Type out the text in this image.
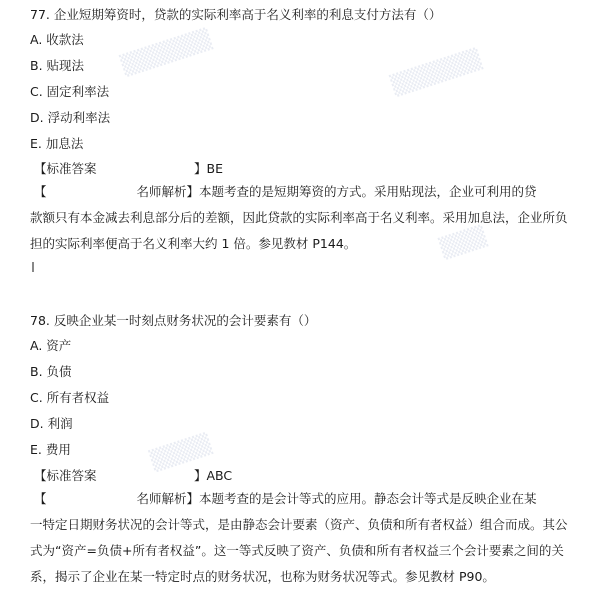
▒▒▒▒▒▒	▒▒▒▒▒▒
▒▒▒
▒▒▒▒
77. 企业短期筹资时，贷款的实际利率高于名义利率的利息支付方法有（）
A. 收款法
B. 贴现法
C. 固定利率法
D. 浮动利率法
E. 加息法
【标准答案	】BE
【	名师解析】本题考查的是短期筹资的方式。采用贴现法，企业可利用的贷
款额只有本金减去利息部分后的差额，因此贷款的实际利率高于名义利率。采用加息法，企业所负
担的实际利率便高于名义利率大约 1 倍。参见教材 P144。
78. 反映企业某一时刻点财务状况的会计要素有（）
A. 资产
B. 负债
C. 所有者权益
D. 利润
E. 费用
【标准答案	】ABC
【	名师解析】本题考查的是会计等式的应用。静态会计等式是反映企业在某
一特定日期财务状况的会计等式，是由静态会计要素（资产、负债和所有者权益）组合而成。其公
式为“资产=负债+所有者权益”。这一等式反映了资产、负债和所有者权益三个会计要素之间的关
系，揭示了企业在某一特定时点的财务状况，也称为财务状况等式。参见教材 P90。
